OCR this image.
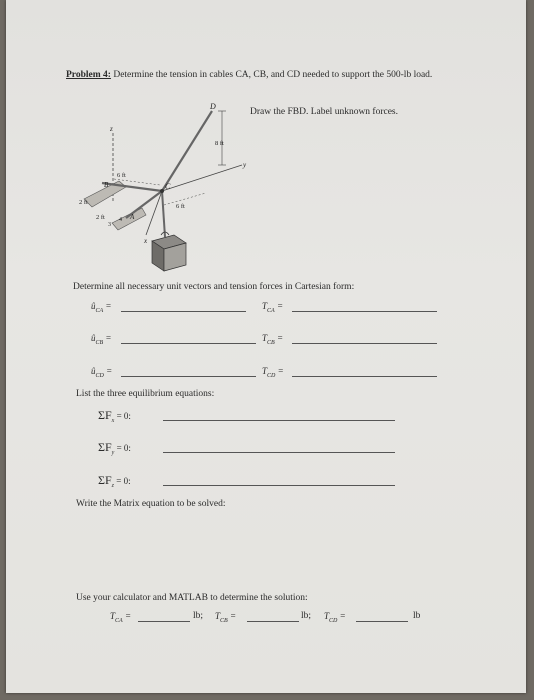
Problem 4: Determine the tension in cables CA, CB, and CD needed to support the 500-lb load.
Draw the FBD. Label unknown forces.
D
C
B
A
z
y
x
8 ft
6 ft
6 ft
2 ft
2 ft
3
4
Determine all necessary unit vectors and tension forces in Cartesian form:
$û_{CA}$ =	$T_{CA}$ =
$û_{CB}$ =	$T_{CB}$ =
$û_{CD}$ =	$T_{CD}$ =
List the three equilibrium equations:
$\Sigma F_x = 0$:
$\Sigma F_y = 0$:
$\Sigma F_z = 0$:
Write the Matrix equation to be solved:
Use your calculator and MATLAB to determine the solution:
$T_{CA}$ =	lb; $T_{CB}$ =	lb; $T_{CD}$ =	lb
